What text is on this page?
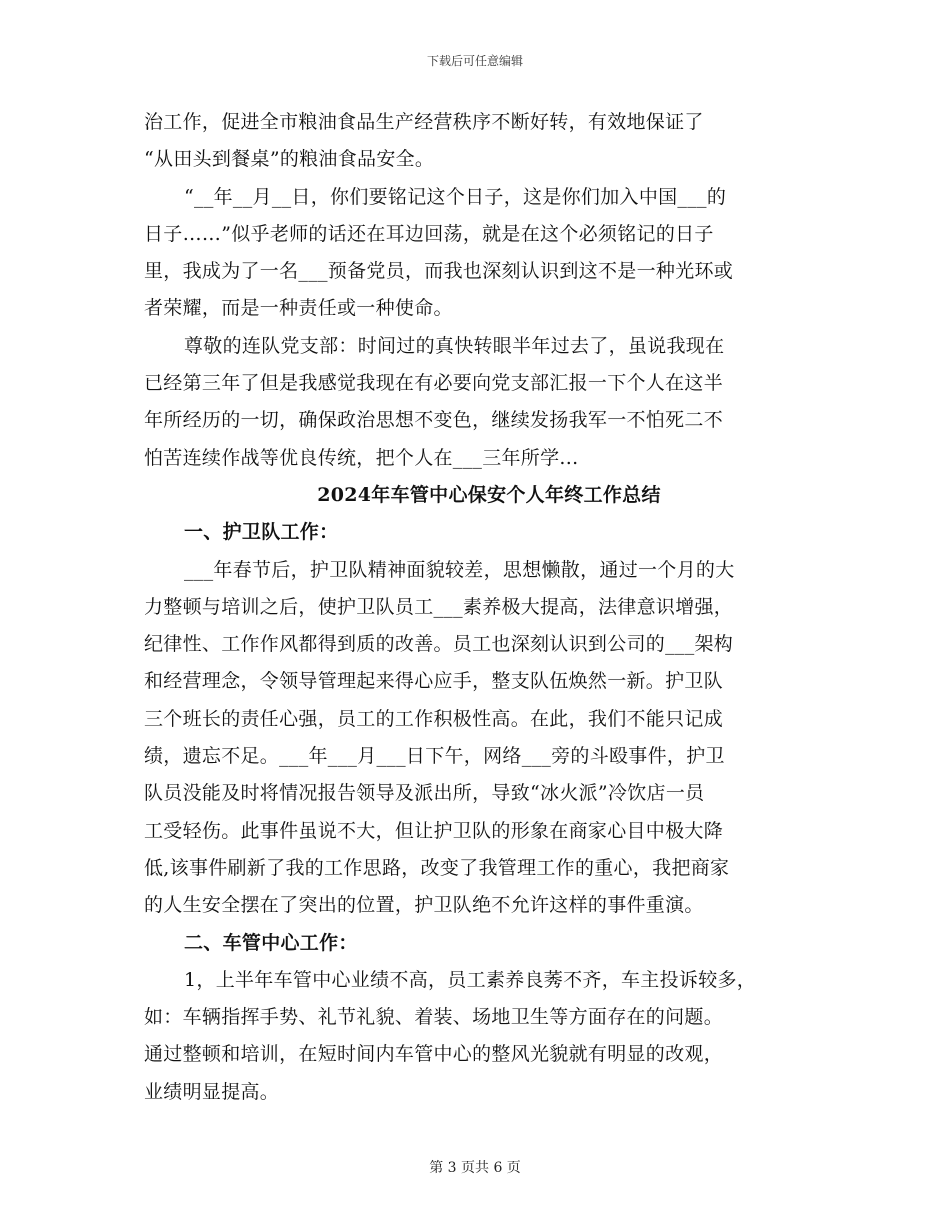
下载后可任意编辑
治工作，促进全市粮油食品生产经营秩序不断好转，有效地保证了
“从田头到餐桌”的粮油食品安全。
“__年__月__日，你们要铭记这个日子，这是你们加入中国___的
日子……”似乎老师的话还在耳边回荡，就是在这个必须铭记的日子
里，我成为了一名___预备党员，而我也深刻认识到这不是一种光环或
者荣耀，而是一种责任或一种使命。
尊敬的连队党支部：时间过的真快转眼半年过去了，虽说我现在
已经第三年了但是我感觉我现在有必要向党支部汇报一下个人在这半
年所经历的一切，确保政治思想不变色，继续发扬我军一不怕死二不
怕苦连续作战等优良传统，把个人在___三年所学...
2024年车管中心保安个人年终工作总结
一、护卫队工作：
___年春节后，护卫队精神面貌较差，思想懒散，通过一个月的大
力整顿与培训之后，使护卫队员工___素养极大提高，法律意识增强，
纪律性、工作作风都得到质的改善。员工也深刻认识到公司的___架构
和经营理念，令领导管理起来得心应手，整支队伍焕然一新。护卫队
三个班长的责任心强，员工的工作积极性高。在此，我们不能只记成
绩，遗忘不足。___年___月___日下午，网络___旁的斗殴事件，护卫
队员没能及时将情况报告领导及派出所，导致“冰火派”冷饮店一员
工受轻伤。此事件虽说不大，但让护卫队的形象在商家心目中极大降
低,该事件刷新了我的工作思路，改变了我管理工作的重心，我把商家
的人生安全摆在了突出的位置，护卫队绝不允许这样的事件重演。
二、车管中心工作：
1，上半年车管中心业绩不高，员工素养良莠不齐，车主投诉较多，
如：车辆指挥手势、礼节礼貌、着装、场地卫生等方面存在的问题。
通过整顿和培训，在短时间内车管中心的整风光貌就有明显的改观，
业绩明显提高。
第 3 页共 6 页
